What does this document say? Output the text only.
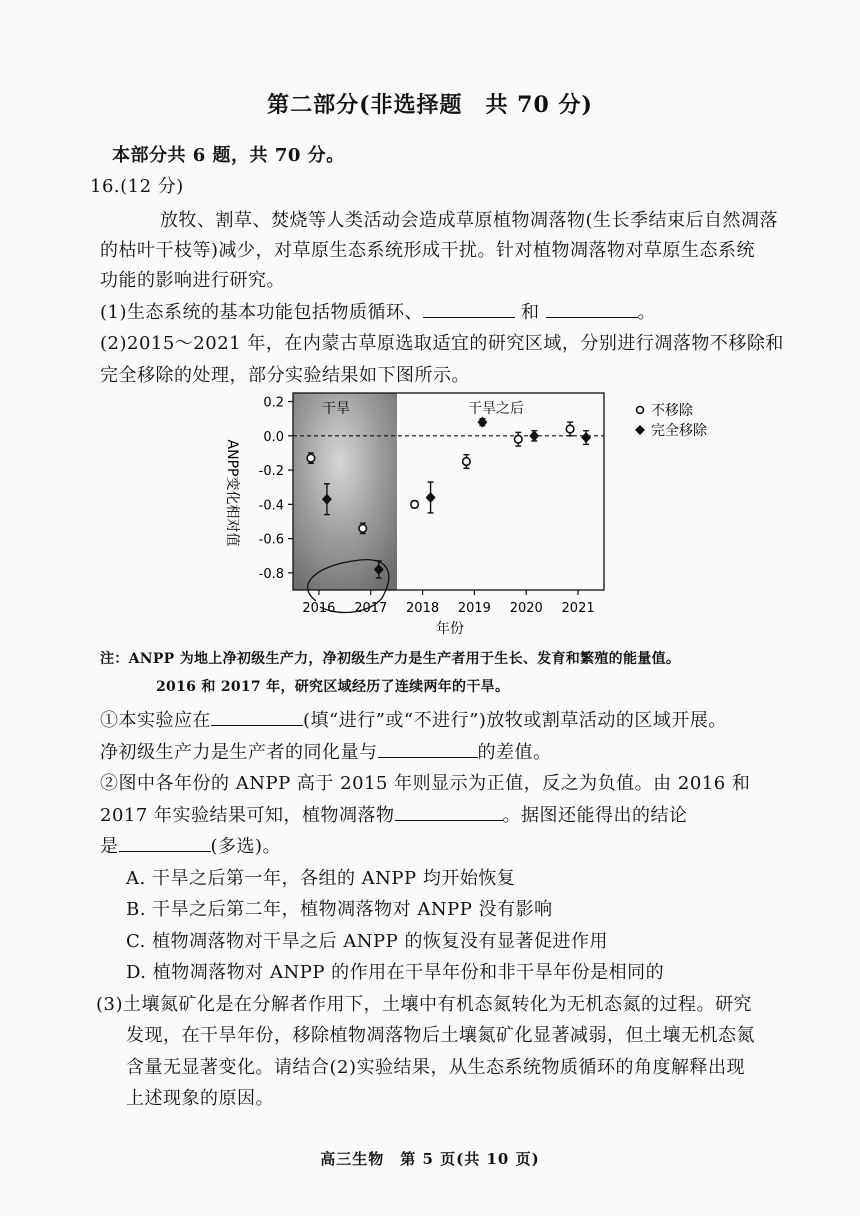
第二部分(非选择题　共 70 分)
本部分共 6 题，共 70 分。
16.(12 分)
放牧、割草、焚烧等人类活动会造成草原植物凋落物(生长季结束后自然凋落
的枯叶干枝等)减少，对草原生态系统形成干扰。针对植物凋落物对草原生态系统
功能的影响进行研究。
(1)生态系统的基本功能包括物质循环、	和	。
(2)2015～2021 年，在内蒙古草原选取适宜的研究区域，分别进行凋落物不移除和
完全移除的处理，部分实验结果如下图所示。
0.2
0.0
-0.2
-0.4
-0.6
-0.8
2016 2017 2018 2019 2020 2021
干旱	干旱之后
ANPP变化相对值
年份
不移除
完全移除
注：ANPP 为地上净初级生产力，净初级生产力是生产者用于生长、发育和繁殖的能量值。
2016 和 2017 年，研究区域经历了连续两年的干旱。
①本实验应在	(填“进行”或“不进行”)放牧或割草活动的区域开展。
净初级生产力是生产者的同化量与	的差值。
②图中各年份的 ANPP 高于 2015 年则显示为正值，反之为负值。由 2016 和
2017 年实验结果可知，植物凋落物	。据图还能得出的结论
是	(多选)。
A. 干旱之后第一年，各组的 ANPP 均开始恢复
B. 干旱之后第二年，植物凋落物对 ANPP 没有影响
C. 植物凋落物对干旱之后 ANPP 的恢复没有显著促进作用
D. 植物凋落物对 ANPP 的作用在干旱年份和非干旱年份是相同的
(3)土壤氮矿化是在分解者作用下，土壤中有机态氮转化为无机态氮的过程。研究
发现，在干旱年份，移除植物凋落物后土壤氮矿化显著减弱，但土壤无机态氮
含量无显著变化。请结合(2)实验结果，从生态系统物质循环的角度解释出现
上述现象的原因。
高三生物　第 5 页(共 10 页)
